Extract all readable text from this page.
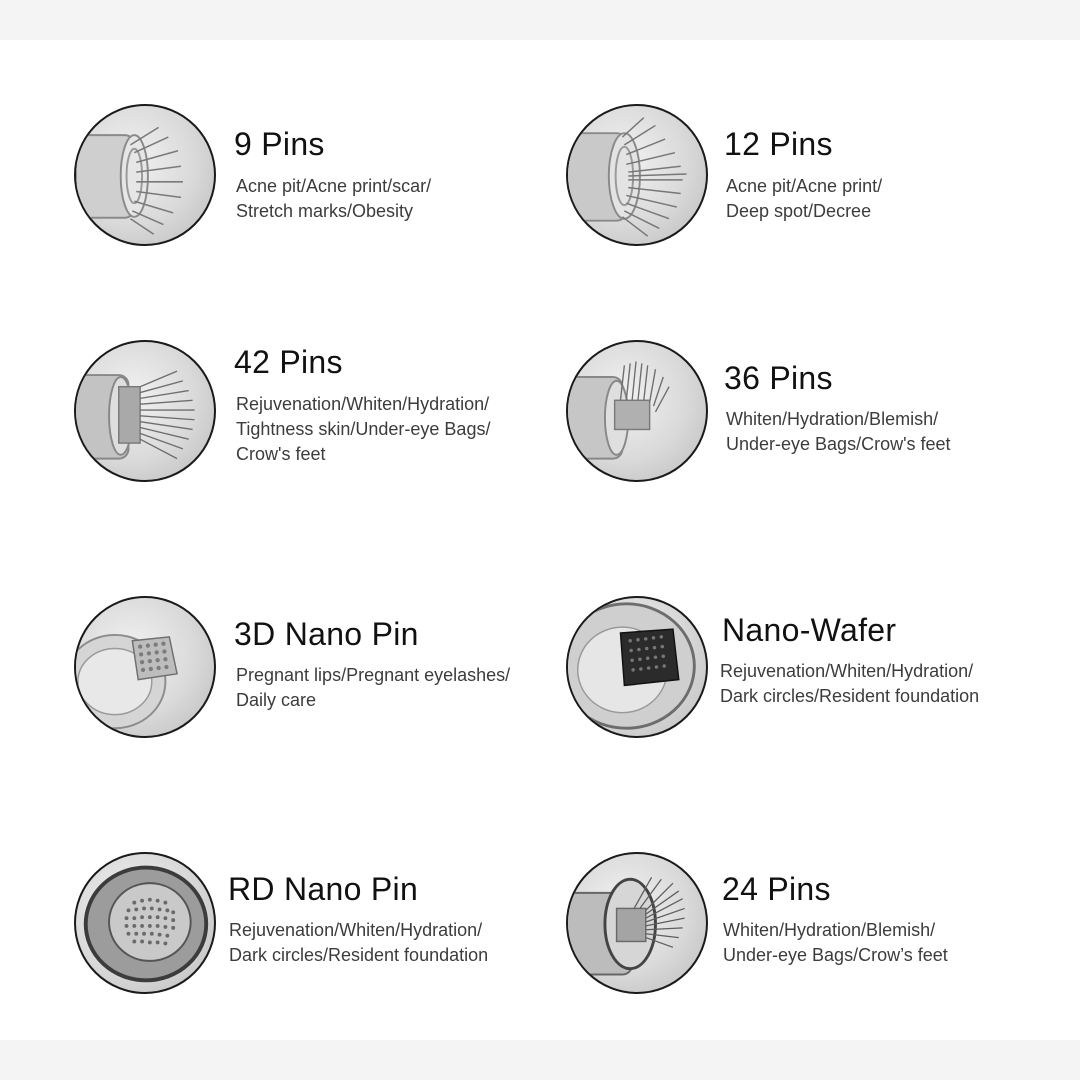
9 Pins
Acne pit/Acne print/scar/
Stretch marks/Obesity
12 Pins
Acne pit/Acne print/
Deep spot/Decree
42 Pins
Rejuvenation/Whiten/Hydration/
Tightness skin/Under-eye Bags/
Crow's feet
36 Pins
Whiten/Hydration/Blemish/
Under-eye Bags/Crow's feet
3D Nano Pin
Pregnant lips/Pregnant eyelashes/
Daily care
Nano-Wafer
Rejuvenation/Whiten/Hydration/
Dark circles/Resident foundation
RD Nano Pin
Rejuvenation/Whiten/Hydration/
Dark circles/Resident foundation
24 Pins
Whiten/Hydration/Blemish/
Under-eye Bags/Crow’s feet
